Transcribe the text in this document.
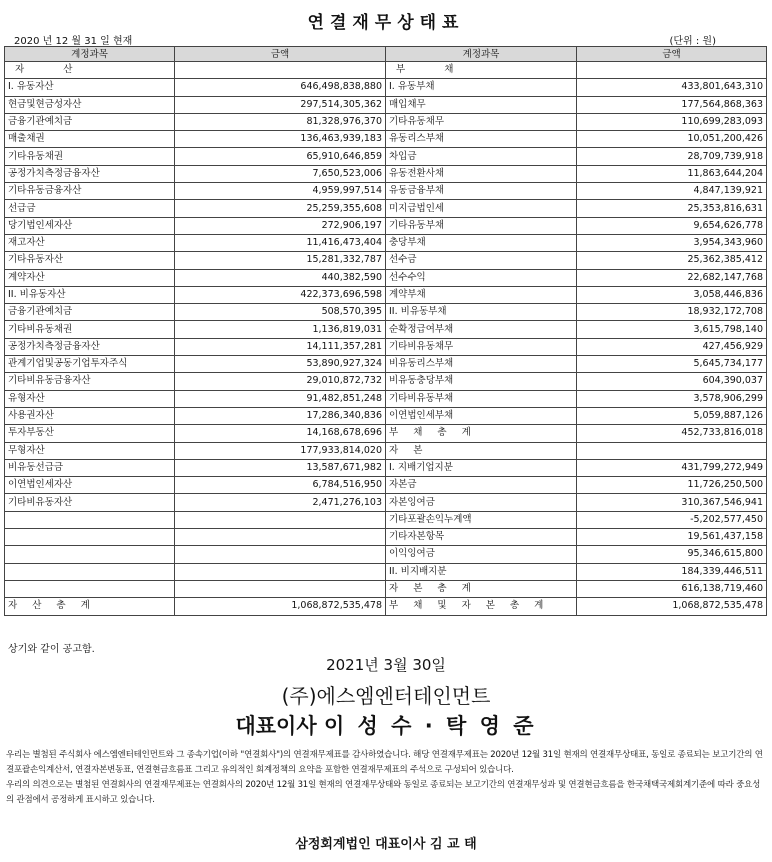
연결재무상태표
2020 년 12 월 31 일 현재	(단위 : 원)
계정과목	금액	계정과목	금액
자 산		부 채	
I. 유동자산	646,498,838,880	I. 유동부채	433,801,643,310
현금및현금성자산	297,514,305,362	매입채무	177,564,868,363
금융기관예치금	81,328,976,370	기타유동채무	110,699,283,093
매출채권	136,463,939,183	유동리스부채	10,051,200,426
기타유동채권	65,910,646,859	차입금	28,709,739,918
공정가치측정금융자산	7,650,523,006	유동전환사채	11,863,644,204
기타유동금융자산	4,959,997,514	유동금융부채	4,847,139,921
선급금	25,259,355,608	미지급법인세	25,353,816,631
당기법인세자산	272,906,197	기타유동부채	9,654,626,778
재고자산	11,416,473,404	충당부채	3,954,343,960
기타유동자산	15,281,332,787	선수금	25,362,385,412
계약자산	440,382,590	선수수익	22,682,147,768
II. 비유동자산	422,373,696,598	계약부채	3,058,446,836
금융기관예치금	508,570,395	II. 비유동부채	18,932,172,708
기타비유동채권	1,136,819,031	순확정급여부채	3,615,798,140
공정가치측정금융자산	14,111,357,281	기타비유동채무	427,456,929
관계기업및공동기업투자주식	53,890,927,324	비유동리스부채	5,645,734,177
기타비유동금융자산	29,010,872,732	비유동충당부채	604,390,037
유형자산	91,482,851,248	기타비유동부채	3,578,906,299
사용권자산	17,286,340,836	이연법인세부채	5,059,887,126
투자부동산	14,168,678,696	부 채 총 계	452,733,816,018
무형자산	177,933,814,020	자 본	
비유동선급금	13,587,671,982	I. 지배기업지분	431,799,272,949
이연법인세자산	6,784,516,950	자본금	11,726,250,500
기타비유동자산	2,471,276,103	자본잉여금	310,367,546,941
		기타포괄손익누계액	-5,202,577,450
		기타자본항목	19,561,437,158
		이익잉여금	95,346,615,800
		II. 비지배지분	184,339,446,511
		자 본 총 계	616,138,719,460
자 산 총 계	1,068,872,535,478	부 채 및 자 본 총 계	1,068,872,535,478
상기와 같이 공고함.
2021년 3월 30일
(주)에스엠엔터테인먼트
대표이사 이 성 수 · 탁 영 준

우리는 별첨된 주식회사 에스엠엔터테인먼트와 그 종속기업(이하 "연결회사")의 연결재무제표를 감사하였습니다. 해당 연결재무제표는 2020년 12월 31일 현재의 연결재무상태표, 동일로 종료되는 보고기간의 연결포괄손익계산서, 연결자본변동표, 연결현금흐름표 그리고 유의적인 회계정책의 요약을 포함한 연결재무제표의 주석으로 구성되어 있습니다.

우리의 의견으로는 별첨된 연결회사의 연결재무제표는 연결회사의 2020년 12월 31일 현재의 연결재무상태와 동일로 종료되는 보고기간의 연결재무성과 및 연결현금흐름을 한국채택국제회계기준에 따라 중요성의 관점에서 공정하게 표시하고 있습니다.

삼정회계법인 대표이사 김 교 태
